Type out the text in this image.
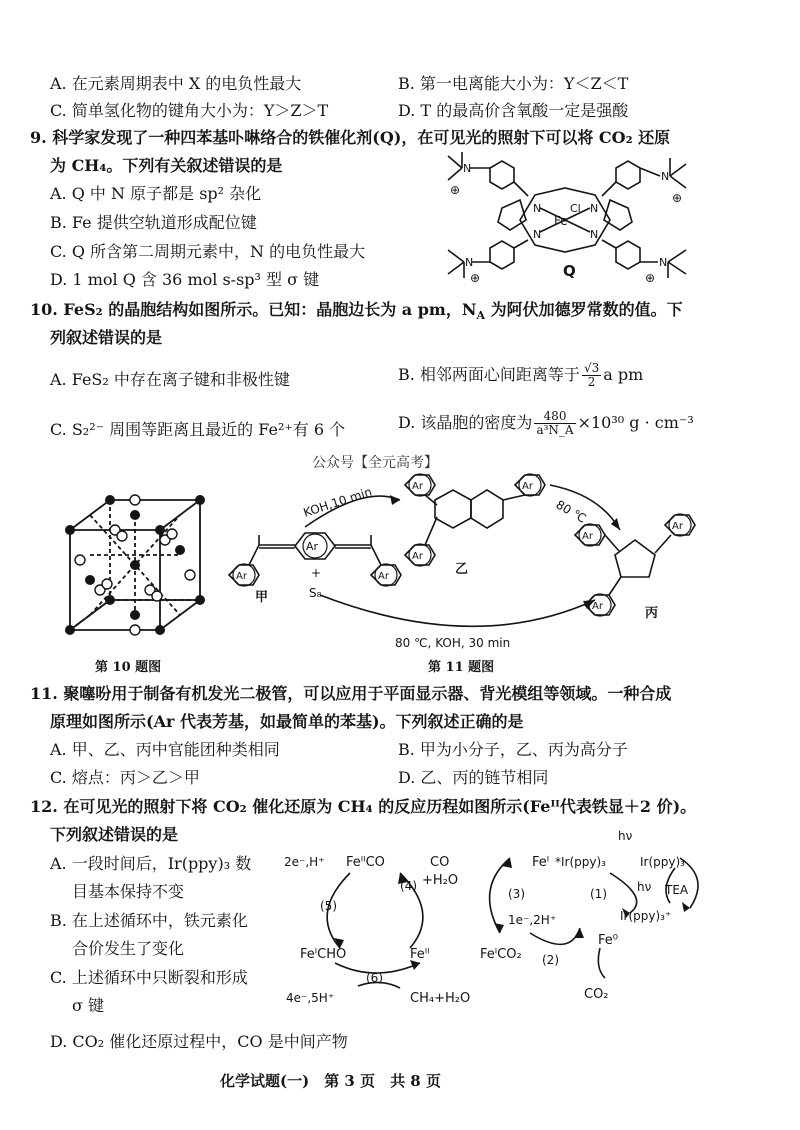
A. 在元素周期表中 X 的电负性最大	B. 第一电离能大小为：Y＜Z＜T
C. 简单氢化物的键角大小为：Y＞Z＞T	D. T 的最高价含氧酸一定是强酸
9. 科学家发现了一种四苯基卟啉络合的铁催化剂(Q)，在可见光的照射下可以将 CO₂ 还原
为 CH₄。下列有关叙述错误的是
A. Q 中 N 原子都是 sp² 杂化
B. Fe 提供空轨道形成配位键
C. Q 所含第二周期元素中，N 的电负性最大
D. 1 mol Q 含 36 mol s-sp³ 型 σ 键
Fe
Cl
N	N
N	N
N
N
N	N
⊕
⊕
⊕	⊕
Q
10. FeS₂ 的晶胞结构如图所示。已知：晶胞边长为 a pm，$N_A$ 为阿伏加德罗常数的值。下
列叙述错误的是
A. FeS₂ 中存在离子键和非极性键	B. 相邻两面心间距离等于 $\frac{√3}{2}$ a pm
C. S₂²⁻ 周围等距离且最近的 Fe²⁺有 6 个	D. 该晶胞的密度为 $\frac{480}{\text{a³N\_A}} \times 10^{30}$ g · cm⁻³
公众号【全元高考】
第 10 题图
Ar
Ar
Ar
Ar
Ar
Ar
Ar
Ar
Ar
+
S₈
KOH,10 min	80 ℃
80 ℃, KOH, 30 min
甲
乙
丙
第 11 题图
11. 聚噻吩用于制备有机发光二极管，可以应用于平面显示器、背光模组等领域。一种合成
原理如图所示(Ar 代表芳基，如最简单的苯基)。下列叙述正确的是
A. 甲、乙、丙中官能团种类相同	B. 甲为小分子，乙、丙为高分子
C. 熔点：丙＞乙＞甲	D. 乙、丙的链节相同
12. 在可见光的照射下将 CO₂ 催化还原为 CH₄ 的反应历程如图所示(Feᴵᴵ代表铁显＋2 价)。
下列叙述错误的是
A. 一段时间后，Ir(ppy)₃ 数
目基本保持不变
B. 在上述循环中，铁元素化
合价发生了变化
C. 上述循环中只断裂和形成
σ 键
D. CO₂ 催化还原过程中，CO 是中间产物
2e⁻,H⁺ FeᴵᴵCO	CO
+H₂O
(4)
(5)
FeᴵCHO	Feᴵᴵ
(6)
4e⁻,5H⁺	CH₄+H₂O
Feᴵ
(3)
1e⁻,2H⁺
FeᴵCO₂
Fe⁰
(2)
CO₂
*Ir(ppy)₃
hν
Ir(ppy)₃
(1)	hν TEA
Ir(ppy)₃⁺
化学试题(一)　第 3 页　共 8 页
